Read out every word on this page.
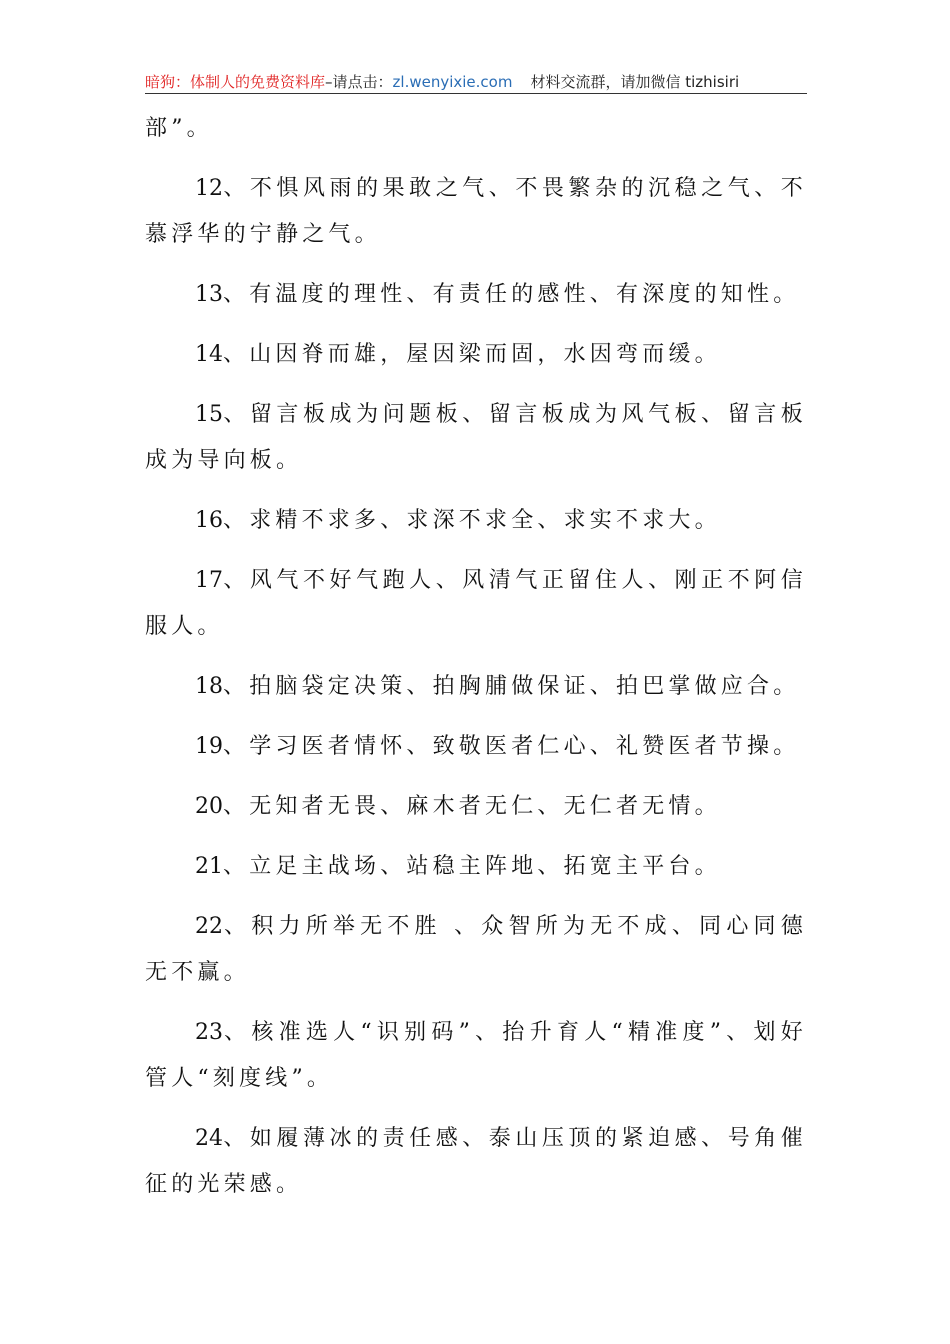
暗狗：体制人的免费资料库 –请点击： zl.wenyixie.com 材料交流群，请加微信 tizhisiri

部”。

12、不惧风雨的果敢之气、不畏繁杂的沉稳之气、不慕浮华的宁静之气。

13、有温度的理性、有责任的感性、有深度的知性。

14、山因脊而雄，屋因梁而固，水因弯而缓。

15、留言板成为问题板、留言板成为风气板、留言板成为导向板。

16、求精不求多、求深不求全、求实不求大。

17、风气不好气跑人、风清气正留住人、刚正不阿信服人。

18、拍脑袋定决策、拍胸脯做保证、拍巴掌做应合。

19、学习医者情怀、致敬医者仁心、礼赞医者节操。

20、无知者无畏、麻木者无仁、无仁者无情。

21、立足主战场、站稳主阵地、拓宽主平台。

22、积力所举无不胜 、众智所为无不成、同心同德无不赢。

23、核准选人“识别码”、抬升育人“精准度”、划好管人“刻度线”。

24、如履薄冰的责任感、泰山压顶的紧迫感、号角催征的光荣感。
